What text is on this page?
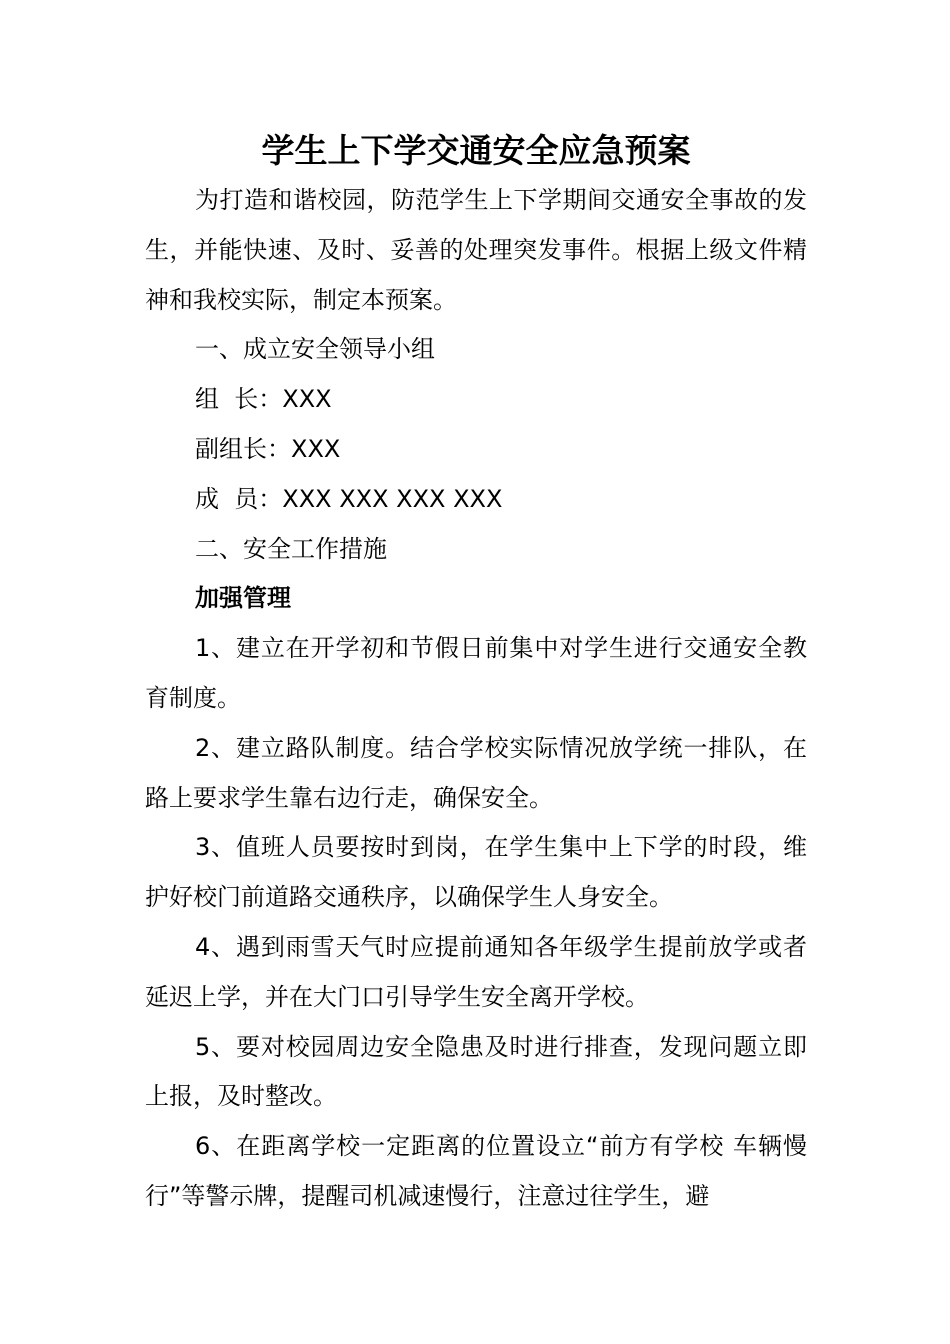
学生上下学交通安全应急预案

为打造和谐校园，防范学生上下学期间交通安全事故的发生，并能快速、及时、妥善的处理突发事件。根据上级文件精神和我校实际，制定本预案。

一、成立安全领导小组

组  长：XXX

副组长：XXX

成  员：XXX XXX XXX XXX

二、安全工作措施

加强管理

1、建立在开学初和节假日前集中对学生进行交通安全教育制度。

2、建立路队制度。结合学校实际情况放学统一排队，在路上要求学生靠右边行走，确保安全。

3、值班人员要按时到岗，在学生集中上下学的时段，维护好校门前道路交通秩序，以确保学生人身安全。

4、遇到雨雪天气时应提前通知各年级学生提前放学或者延迟上学，并在大门口引导学生安全离开学校。

5、要对校园周边安全隐患及时进行排查，发现问题立即上报，及时整改。

6、在距离学校一定距离的位置设立“前方有学校 车辆慢行”等警示牌，提醒司机减速慢行，注意过往学生，避
